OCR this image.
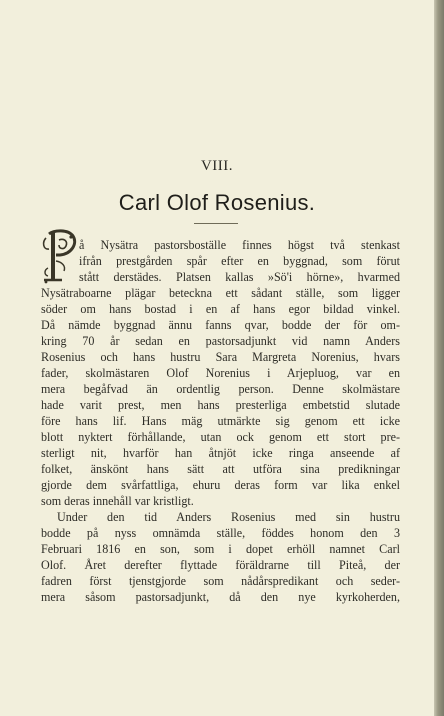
VIII.
Carl Olof Rosenius.
å Nysätra pastorsboställe finnes högst två stenkast
ifrån prestgården spår efter en byggnad, som förut
stått derstädes. Platsen kallas »Sö'i hörne», hvarmed
Nysätraboarne plägar beteckna ett sådant ställe, som ligger
söder om hans bostad i en af hans egor bildad vinkel.
Då nämde byggnad ännu fanns qvar, bodde der för om-
kring 70 år sedan en pastorsadjunkt vid namn Anders
Rosenius och hans hustru Sara Margreta Norenius, hvars
fader, skolmästaren Olof Norenius i Arjepluog, var en
mera begåfvad än ordentlig person. Denne skolmästare
hade varit prest, men hans presterliga embetstid slutade
före hans lif. Hans mäg utmärkte sig genom ett icke
blott nyktert förhållande, utan ock genom ett stort pre-
sterligt nit, hvarför han åtnjöt icke ringa anseende af
folket, änskönt hans sätt att utföra sina predikningar
gjorde dem svårfattliga, ehuru deras form var lika enkel
som deras innehåll var kristligt.
Under den tid Anders Rosenius med sin hustru
bodde på nyss omnämda ställe, föddes honom den 3
Februari 1816 en son, som i dopet erhöll namnet Carl
Olof. Året derefter flyttade föräldrarne till Piteå, der
fadren först tjenstgjorde som nådårspredikant och seder-
mera såsom pastorsadjunkt, då den nye kyrkoherden,
